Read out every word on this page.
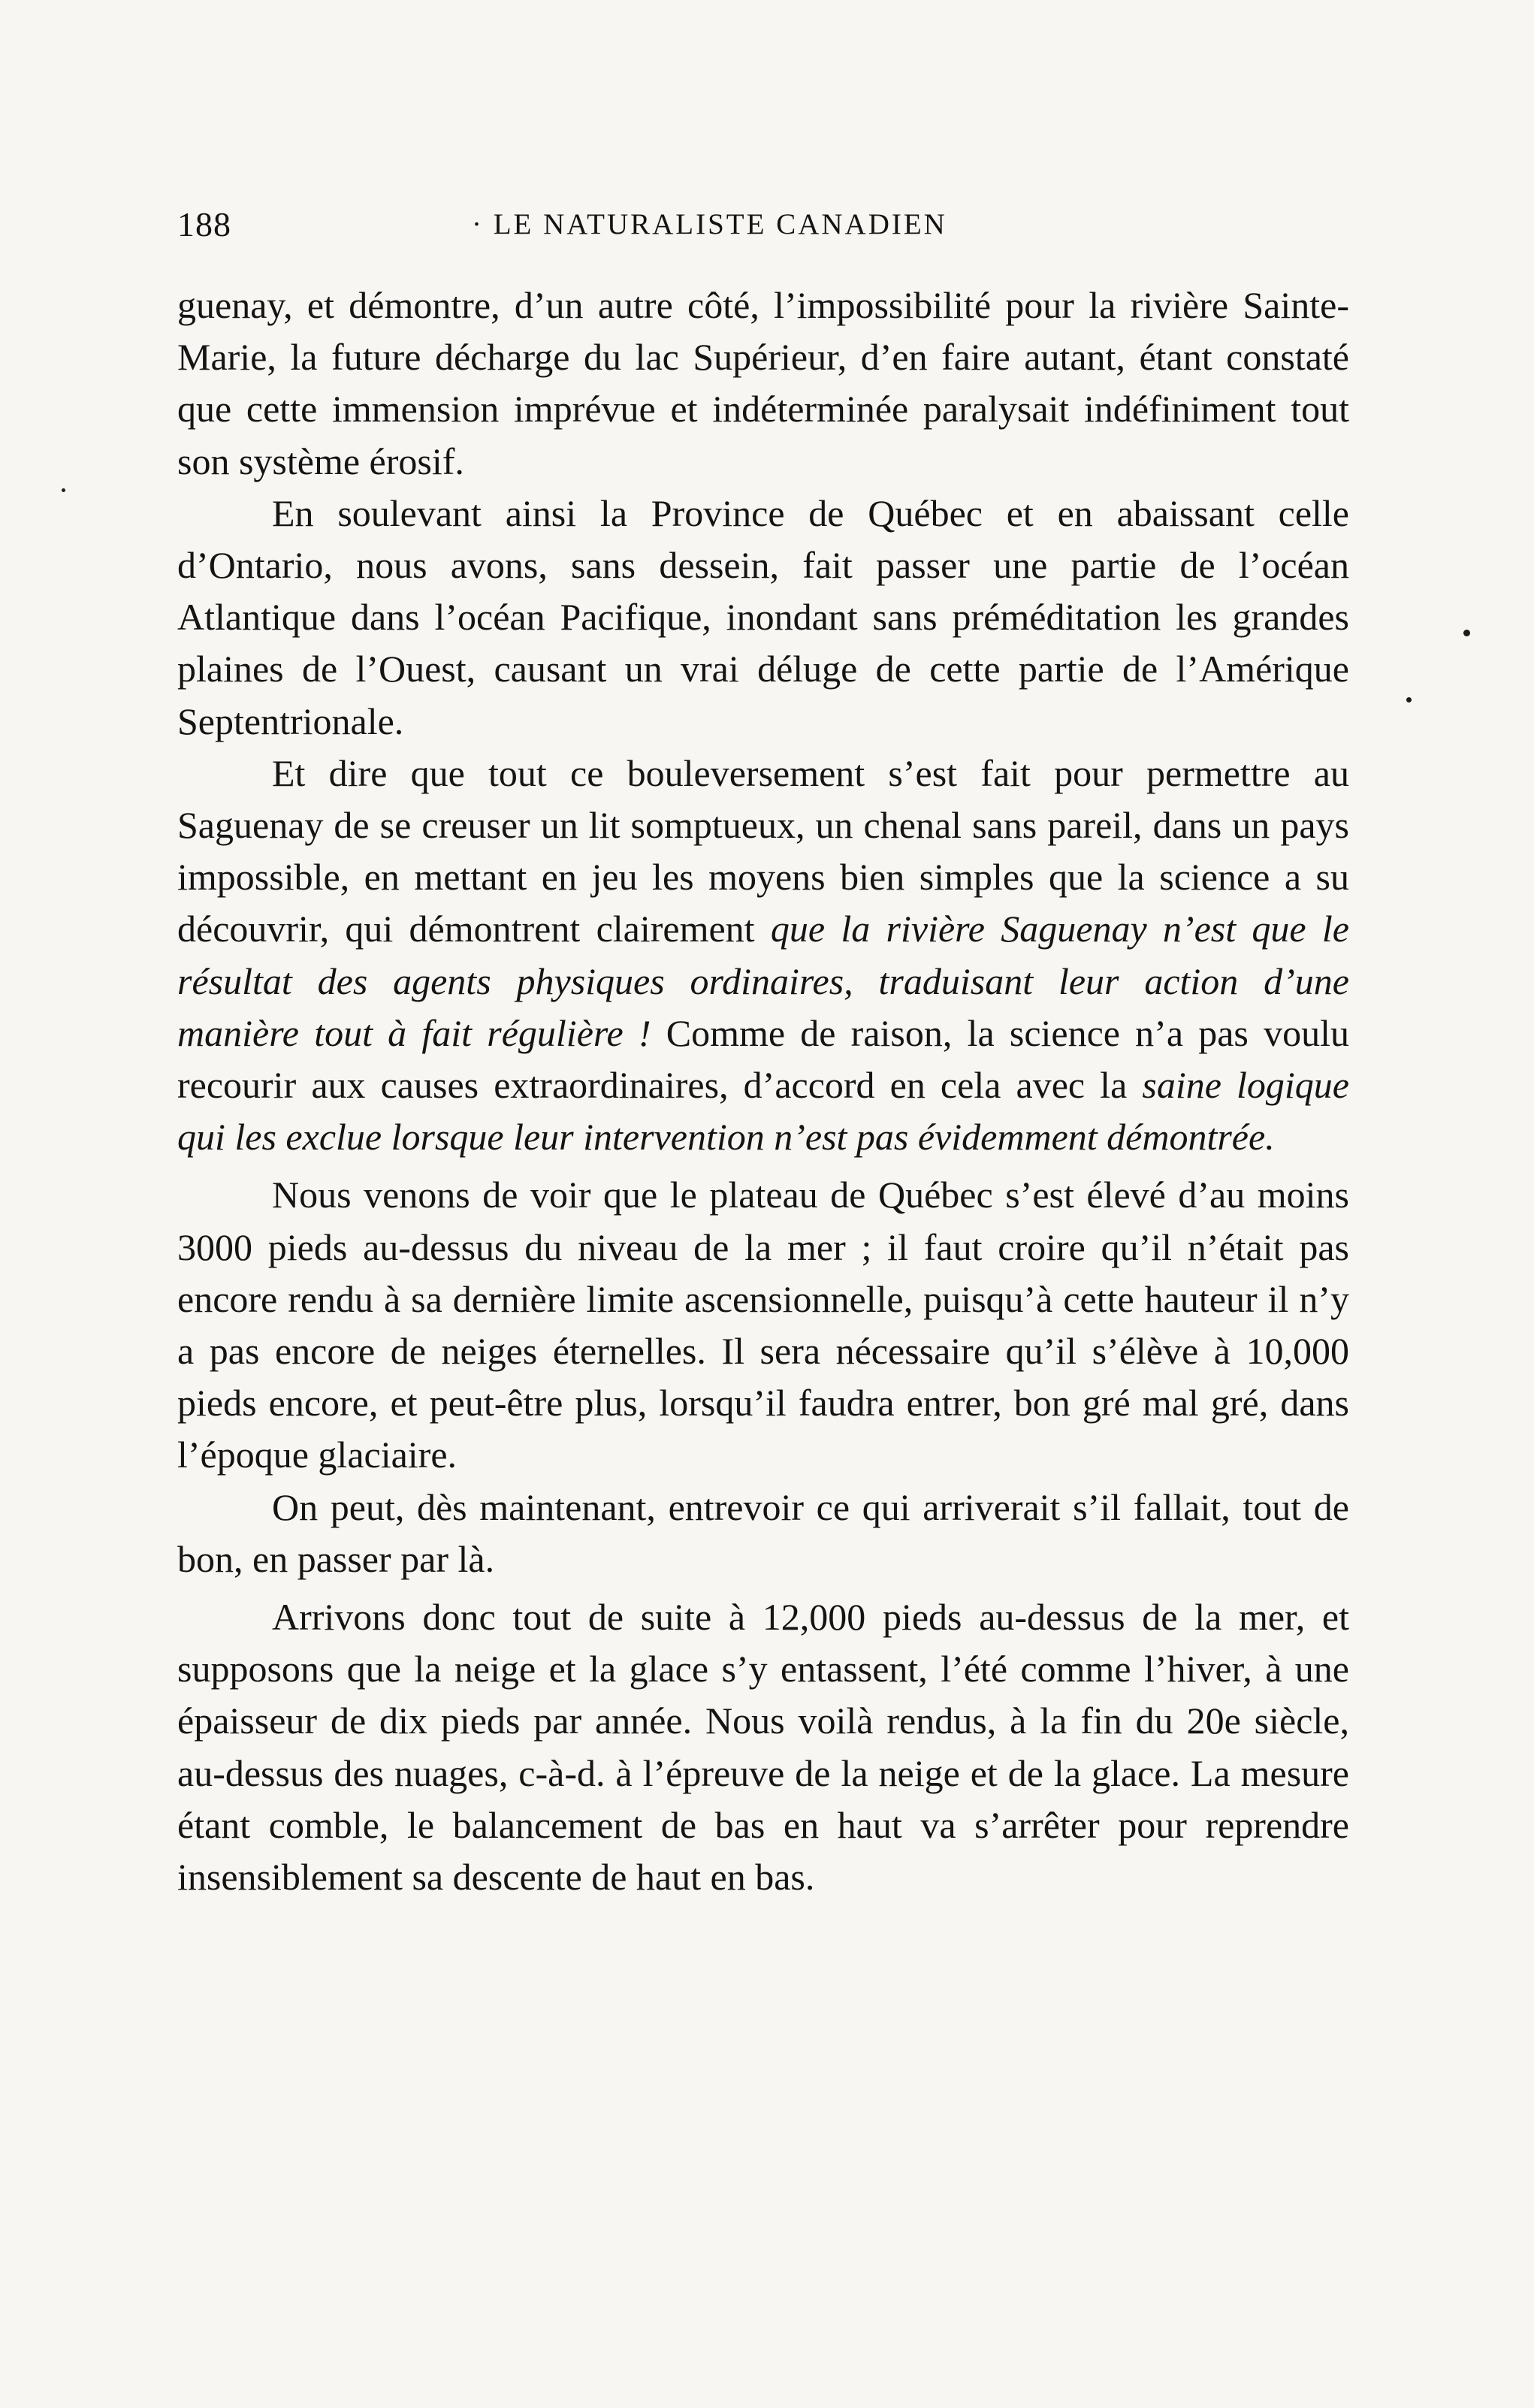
188	· LE NATURALISTE CANADIEN

guenay, et démontre, d’un autre côté, l’impossibilité pour la rivière Sainte-Marie, la future décharge du lac Supérieur, d’en faire autant, étant constaté que cette immension imprévue et indéterminée paralysait indéfiniment tout son système érosif.

En soulevant ainsi la Province de Québec et en abaissant celle d’Ontario, nous avons, sans dessein, fait passer une partie de l’océan Atlantique dans l’océan Pacifique, inondant sans préméditation les grandes plaines de l’Ouest, causant un vrai déluge de cette partie de l’Amérique Septentrionale.

Et dire que tout ce bouleversement s’est fait pour permettre au Saguenay de se creuser un lit somptueux, un chenal sans pareil, dans un pays impossible, en mettant en jeu les moyens bien simples que la science a su découvrir, qui démontrent clairement que la rivière Saguenay n’est que le résultat des agents physiques ordinaires, traduisant leur action d’une manière tout à fait régulière ! Comme de raison, la science n’a pas voulu recourir aux causes extraordinaires, d’accord en cela avec la saine logique qui les exclue lorsque leur intervention n’est pas évidemment démontrée.

Nous venons de voir que le plateau de Québec s’est élevé d’au moins 3000 pieds au-dessus du niveau de la mer ; il faut croire qu’il n’était pas encore rendu à sa dernière limite ascensionnelle, puisqu’à cette hauteur il n’y a pas encore de neiges éternelles. Il sera nécessaire qu’il s’élève à 10,000 pieds encore, et peut-être plus, lorsqu’il faudra entrer, bon gré mal gré, dans l’époque glaciaire.

On peut, dès maintenant, entrevoir ce qui arriverait s’il fallait, tout de bon, en passer par là.

Arrivons donc tout de suite à 12,000 pieds au-dessus de la mer, et supposons que la neige et la glace s’y entassent, l’été comme l’hiver, à une épaisseur de dix pieds par année. Nous voilà rendus, à la fin du 20e siècle, au-dessus des nuages, c-à-d. à l’épreuve de la neige et de la glace. La mesure étant comble, le balancement de bas en haut va s’arrêter pour reprendre insensiblement sa descente de haut en bas.
